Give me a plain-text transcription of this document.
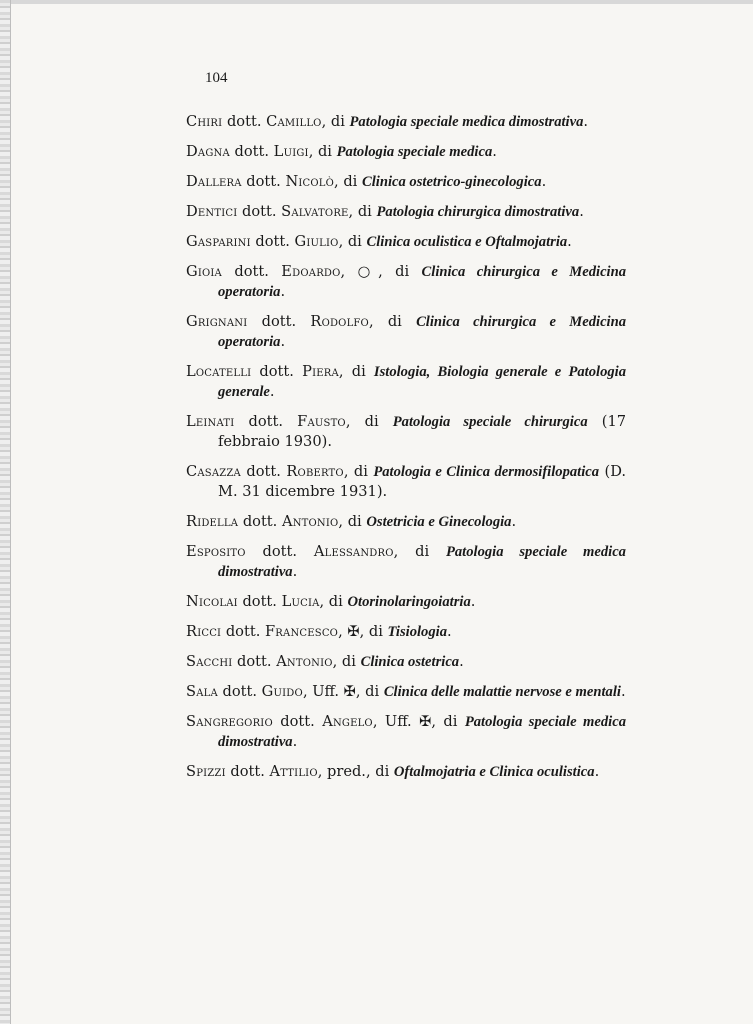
104
Chiri dott. Camillo, di Patologia speciale medica dimostrativa.
Dagna dott. Luigi, di Patologia speciale medica.
Dallera dott. Nicolò, di Clinica ostetrico-ginecologica.
Dentici dott. Salvatore, di Patologia chirurgica dimostrativa.
Gasparini dott. Giulio, di Clinica oculistica e Oftalmojatria.
Gioia dott. Edoardo, ○, di Clinica chirurgica e Medicina operatoria.
Grignani dott. Rodolfo, di Clinica chirurgica e Medicina operatoria.
Locatelli dott. Piera, di Istologia, Biologia generale e Patologia generale.
Leinati dott. Fausto, di Patologia speciale chirurgica (17 febbraio 1930).
Casazza dott. Roberto, di Patologia e Clinica dermosifilopatica (D. M. 31 dicembre 1931).
Ridella dott. Antonio, di Ostetricia e Ginecologia.
Esposito dott. Alessandro, di Patologia speciale medica dimostrativa.
Nicolai dott. Lucia, di Otorinolaringoiatria.
Ricci dott. Francesco, ✠, di Tisiologia.
Sacchi dott. Antonio, di Clinica ostetrica.
Sala dott. Guido, Uff. ✠, di Clinica delle malattie nervose e mentali.
Sangregorio dott. Angelo, Uff. ✠, di Patologia speciale medica dimostrativa.
Spizzi dott. Attilio, pred., di Oftalmojatria e Clinica oculistica.
